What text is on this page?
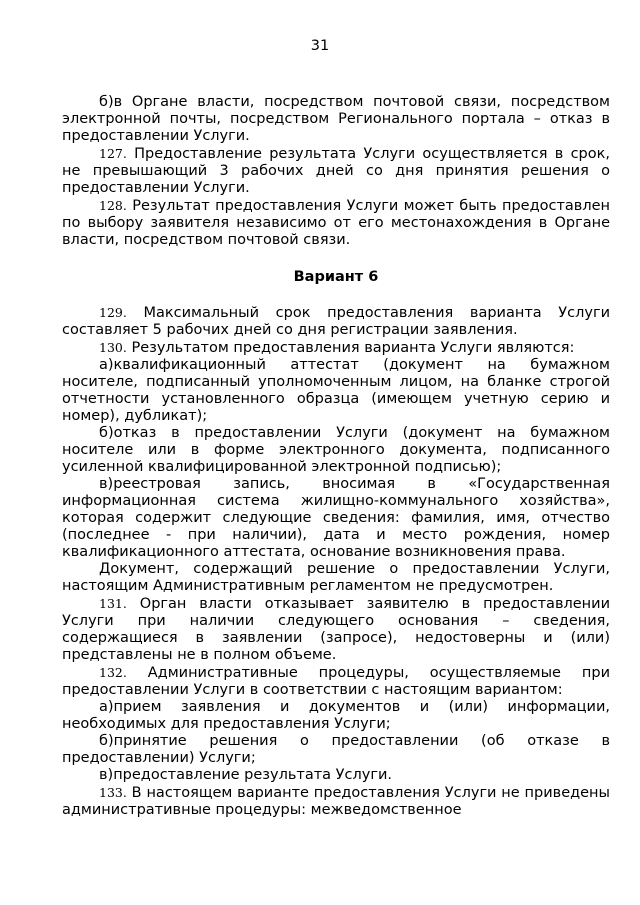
31

б)в Органе власти, посредством почтовой связи, посредством электронной почты, посредством Регионального портала – отказ в предоставлении Услуги.

127. Предоставление результата Услуги осуществляется в срок, не превышающий 3 рабочих дней со дня принятия решения о предоставлении Услуги.

128. Результат предоставления Услуги может быть предоставлен по выбору заявителя независимо от его местонахождения в Органе власти, посредством почтовой связи.

Вариант 6

129. Максимальный срок предоставления варианта Услуги составляет 5 рабочих дней со дня регистрации заявления.

130. Результатом предоставления варианта Услуги являются:

а)квалификационный аттестат (документ на бумажном носителе, подписанный уполномоченным лицом, на бланке строгой отчетности установленного образца (имеющем учетную серию и номер), дубликат);

б)отказ в предоставлении Услуги (документ на бумажном носителе или в форме электронного документа, подписанного усиленной квалифицированной электронной подписью);

в)реестровая запись, вносимая в «Государственная информационная система жилищно-коммунального хозяйства», которая содержит следующие сведения: фамилия, имя, отчество (последнее - при наличии), дата и место рождения, номер квалификационного аттестата, основание возникновения права.

Документ, содержащий решение о предоставлении Услуги, настоящим Административным регламентом не предусмотрен.

131. Орган власти отказывает заявителю в предоставлении Услуги при наличии следующего основания – сведения, содержащиеся в заявлении (запросе), недостоверны и (или) представлены не в полном объеме.

132. Административные процедуры, осуществляемые при предоставлении Услуги в соответствии с настоящим вариантом:

а)прием заявления и документов и (или) информации, необходимых для предоставления Услуги;

б)принятие решения о предоставлении (об отказе в предоставлении) Услуги;

в)предоставление результата Услуги.

133. В настоящем варианте предоставления Услуги не приведены административные процедуры: межведомственное
